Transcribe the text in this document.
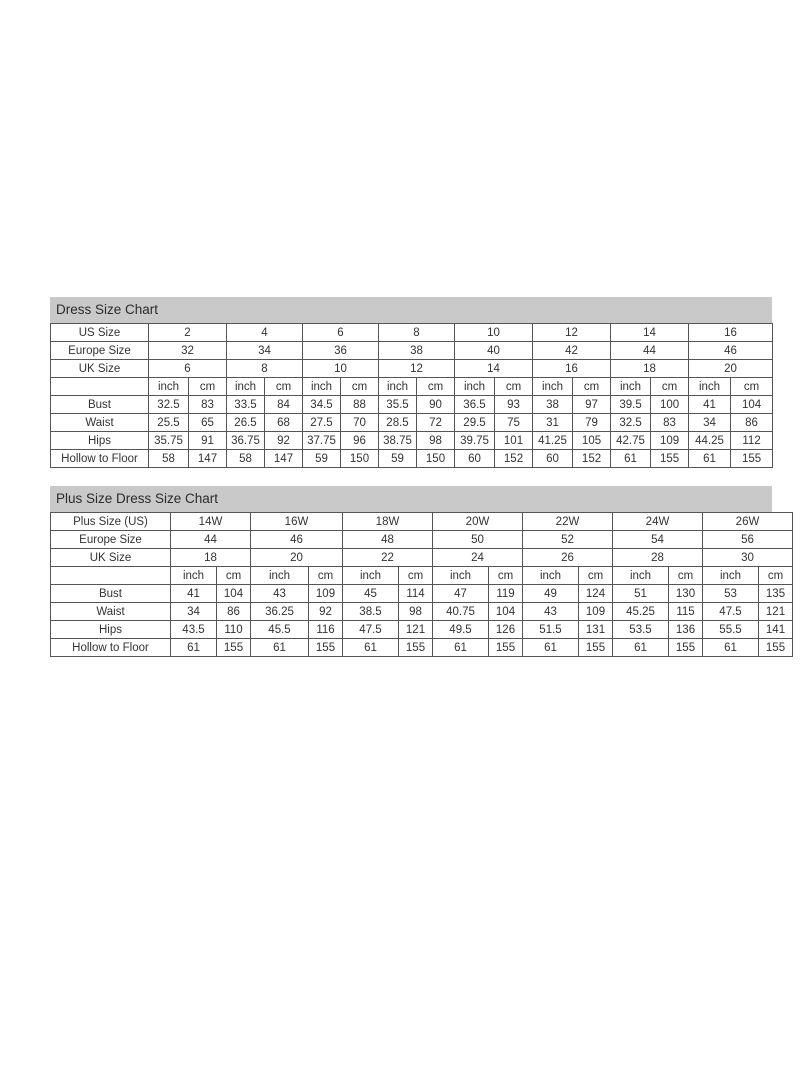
Dress Size Chart
US Size	2		4		6		8		10		12		14		16	
Europe Size	32		34		36		38		40		42		44		46	
UK Size	6		8		10		12		14		16		18		20	
	inch	cm	inch	cm	inch	cm	inch	cm	inch	cm	inch	cm	inch	cm	inch	cm
Bust	32.5	83	33.5	84	34.5	88	35.5	90	36.5	93	38	97	39.5	100	41	104
Waist	25.5	65	26.5	68	27.5	70	28.5	72	29.5	75	31	79	32.5	83	34	86
Hips	35.75	91	36.75	92	37.75	96	38.75	98	39.75	101	41.25	105	42.75	109	44.25	112
Hollow to Floor	58	147	58	147	59	150	59	150	60	152	60	152	61	155	61	155
Plus Size Dress Size Chart
Plus Size (US)	14W		16W		18W		20W		22W		24W		26W	
Europe Size	44		46		48		50		52		54		56	
UK Size	18		20		22		24		26		28		30	
	inch	cm	inch	cm	inch	cm	inch	cm	inch	cm	inch	cm	inch	cm
Bust	41	104	43	109	45	114	47	119	49	124	51	130	53	135
Waist	34	86	36.25	92	38.5	98	40.75	104	43	109	45.25	115	47.5	121
Hips	43.5	110	45.5	116	47.5	121	49.5	126	51.5	131	53.5	136	55.5	141
Hollow to Floor	61	155	61	155	61	155	61	155	61	155	61	155	61	155
